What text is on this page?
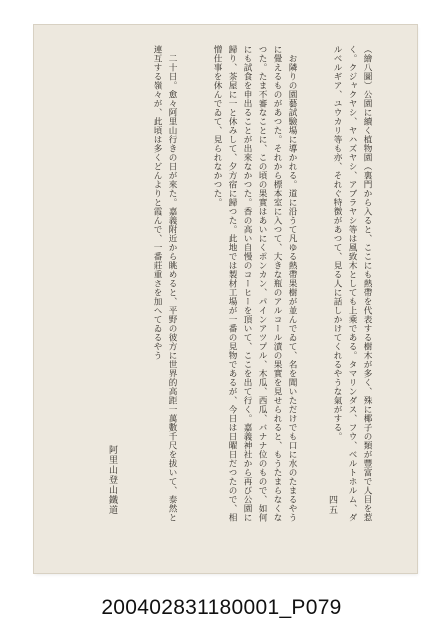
（繪八圖）公園に續く植物園（裏門から入ると、ここにも熱帶を代表する樹木が多く、殊に椰子の類が豐富で人目を惹く。クジャクヤシ、ヤハズヤシ、アブラヤシ等は風致木としても上乘である。タマリンダス、フウ、ベルトホルム、ダルベルギア、ユウカリ等も亦、それぐ特徴があつて、見る人に話しかけてくれるやうな氣がする。

お隣りの園藝試驗場に導かれる。道に沿うて凡ゆる熱帶果樹が並んでゐて、名を聞いただけでも口に水のたまるやうに覺えるものがあつた。それから標本室に入つて、大きな瓶のアルコール漬の果實を見せられると、もうたまらなくなつた。たま不審なことに、この頃の果實はあいにくポンカン、パインアツプル、木瓜、西瓜、バナナ位のもので、如何にも試食を申出ることが出來なかつた。香の高い自慢のコーヒーを頂いて、ここを出て行く。嘉義神社から再び公園に歸り、茶屋に一と休みして、夕方宿に歸つた。此地では製材工場が一番の見物であるが、今日は日曜日だつたので、相憎仕事を休んでゐて、見られなかつた。

二十日。愈々阿里山行きの日が來た。嘉義附近から眺めると、平野の彼方に世界的高距一萬數千尺を拔いて、泰然と連互する嶺々が、此頃は多くどんよりと霞んで、一番莊重さを加へてゐるやう

阿里山登山鐵道	四五
200402831180001_P079
